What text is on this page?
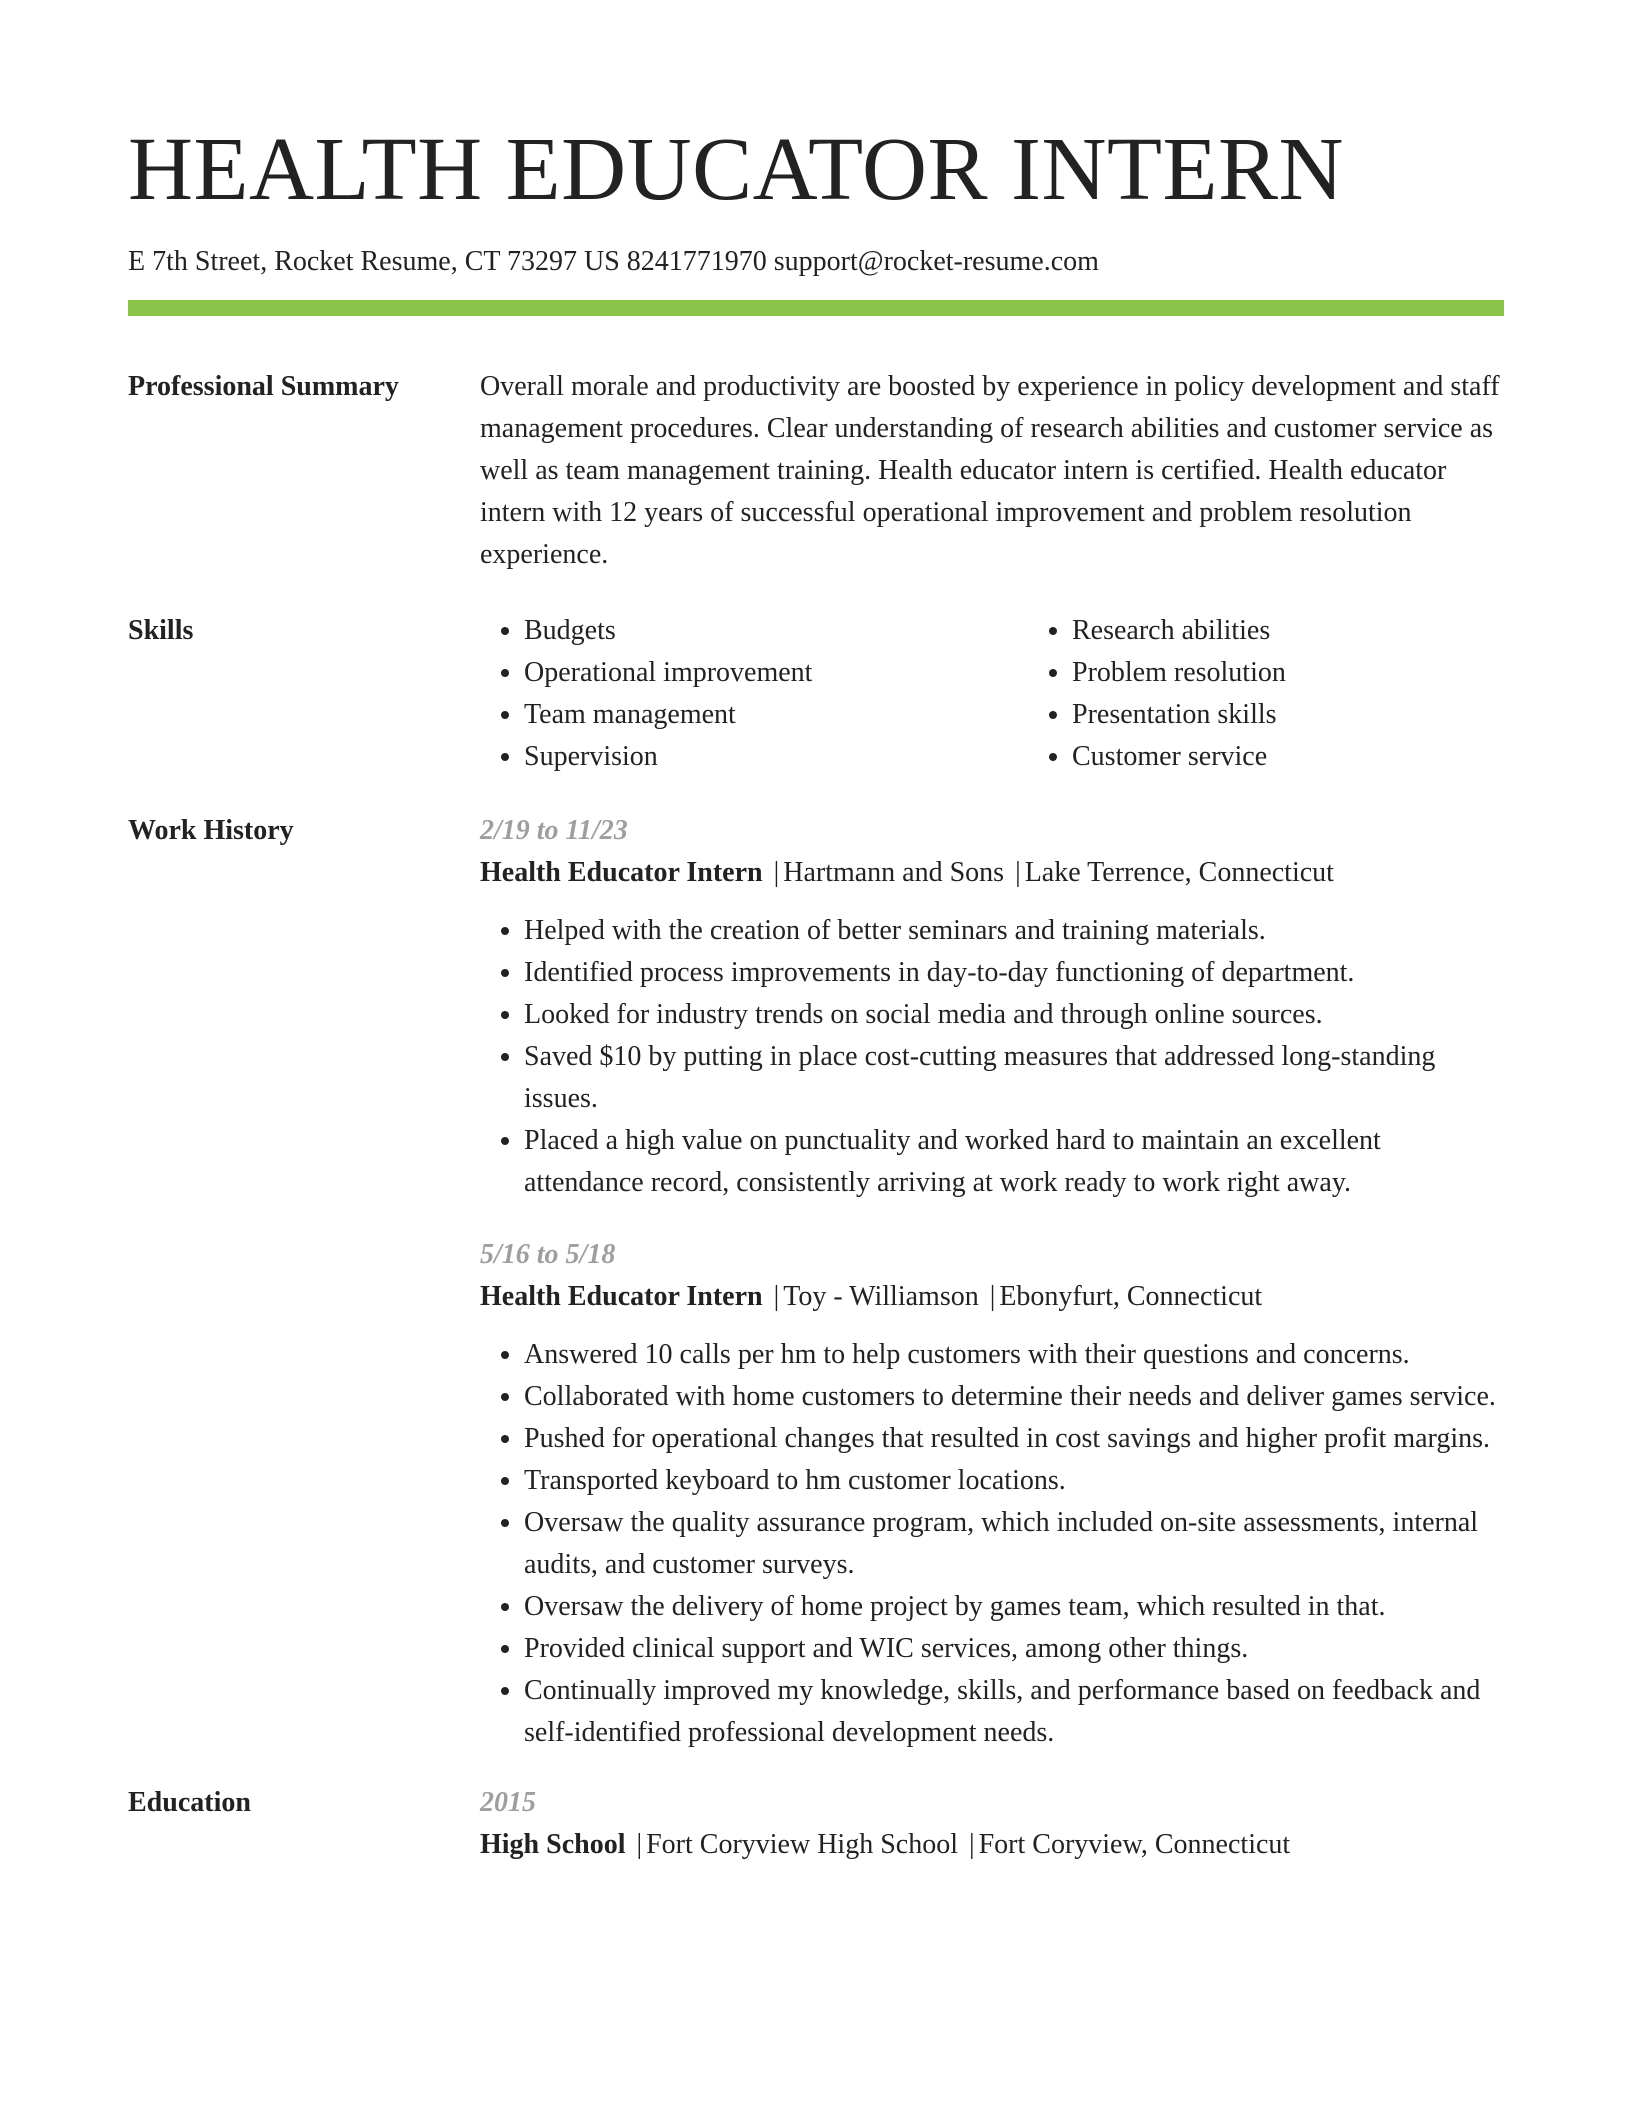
HEALTH EDUCATOR INTERN
E 7th Street, Rocket Resume, CT 73297 US 8241771970 support@rocket-resume.com
Professional Summary	Overall morale and productivity are boosted by experience in policy development and staff management procedures. Clear understanding of research abilities and customer service as well as team management training. Health educator intern is certified. Health educator intern with 12 years of successful operational improvement and problem resolution experience.

Skills
•	Budgets
• Operational improvement
• Team management
• Supervision
• Research abilities
• Problem resolution
• Presentation skills
• Customer service
Work History	2/19 to 11/23
Health Educator Intern | Hartmann and Sons | Lake Terrence, Connecticut
• Helped with the creation of better seminars and training materials.
• Identified process improvements in day-to-day functioning of department.
• Looked for industry trends on social media and through online sources.
• Saved $10 by putting in place cost-cutting measures that addressed long-standing issues.
• Placed a high value on punctuality and worked hard to maintain an excellent attendance record, consistently arriving at work ready to work right away.
5/16 to 5/18
Health Educator Intern | Toy - Williamson | Ebonyfurt, Connecticut
• Answered 10 calls per hm to help customers with their questions and concerns.
• Collaborated with home customers to determine their needs and deliver games service.
• Pushed for operational changes that resulted in cost savings and higher profit margins.
• Transported keyboard to hm customer locations.
• Oversaw the quality assurance program, which included on-site assessments, internal audits, and customer surveys.
• Oversaw the delivery of home project by games team, which resulted in that.
• Provided clinical support and WIC services, among other things.
• Continually improved my knowledge, skills, and performance based on feedback and self-identified professional development needs.
Education	2015
High School | Fort Coryview High School | Fort Coryview, Connecticut
